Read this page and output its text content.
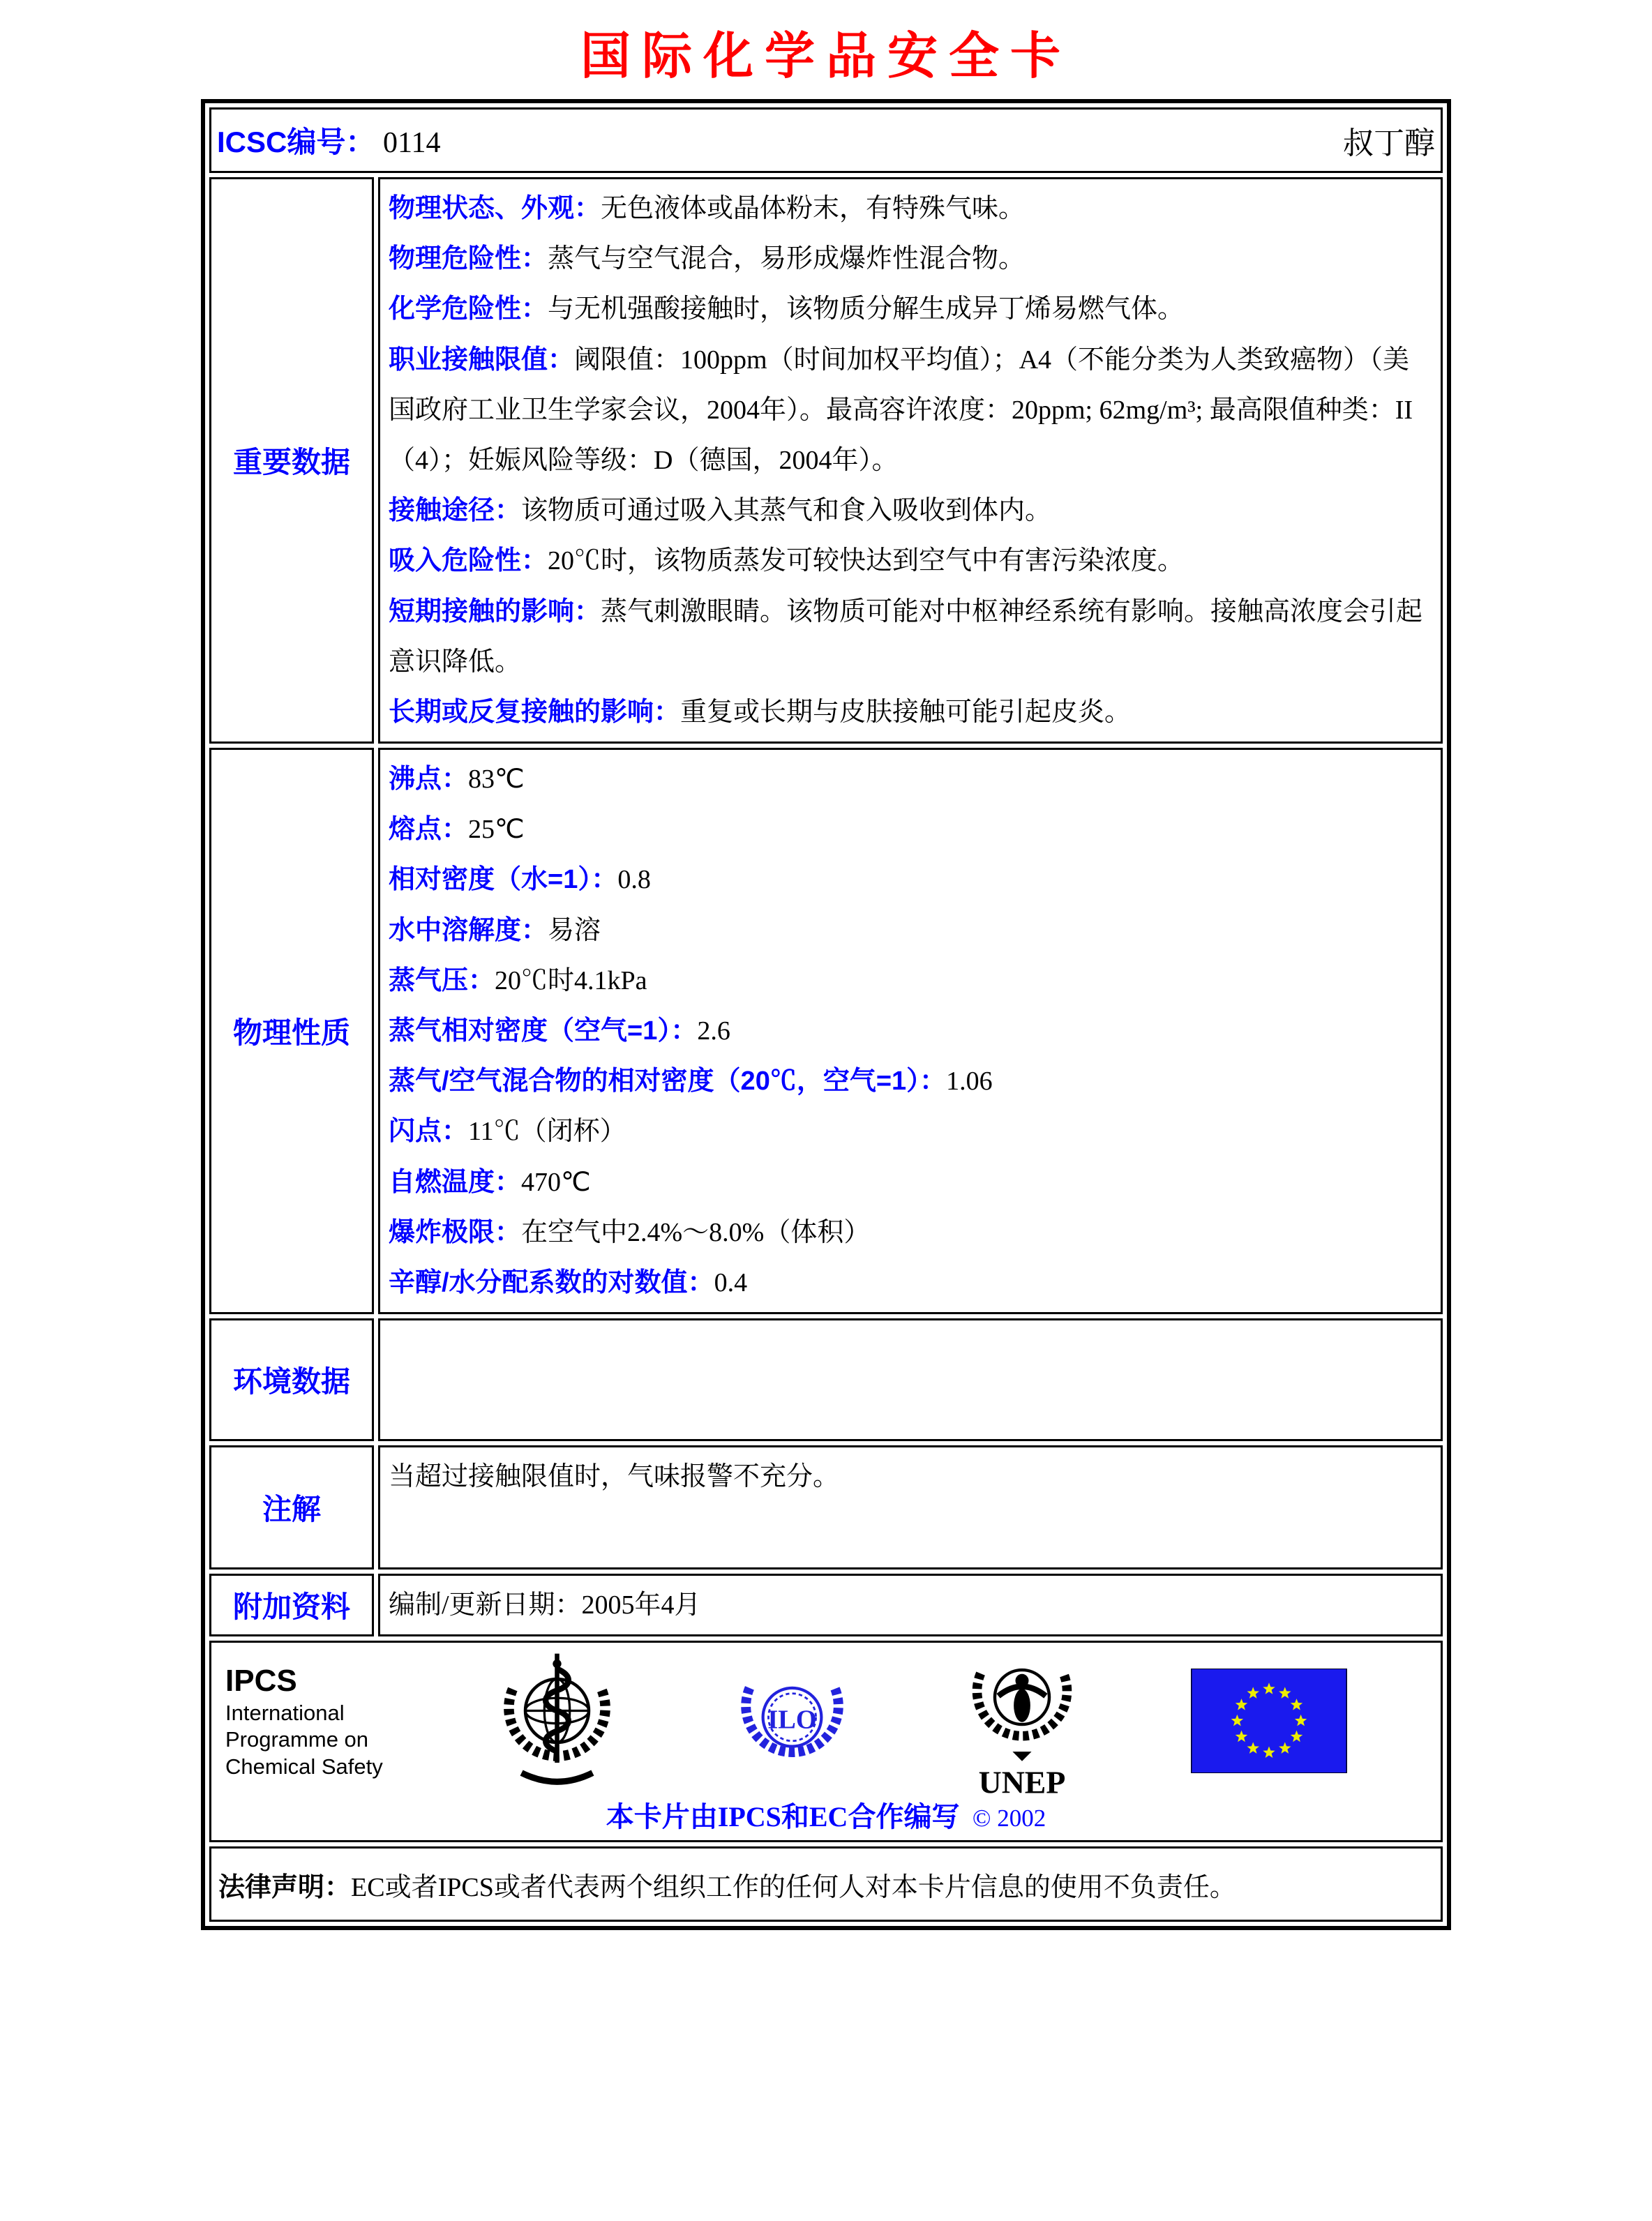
国际化学品安全卡
ICSC编号： 0114 叔丁醇	

重要数据	
物理状态、外观：无色液体或晶体粉末，有特殊气味。
物理危险性：蒸气与空气混合，易形成爆炸性混合物。
化学危险性：与无机强酸接触时，该物质分解生成异丁烯易燃气体。
职业接触限值：阈限值：100ppm（时间加权平均值）；A4（不能分类为人类致癌物）（美国政府工业卫生学家会议，2004年）。最高容许浓度：20ppm; 62mg/m³; 最高限值种类：II（4）；妊娠风险等级：D（德国，2004年）。
接触途径：该物质可通过吸入其蒸气和食入吸收到体内。
吸入危险性：20℃时，该物质蒸发可较快达到空气中有害污染浓度。
短期接触的影响：蒸气刺激眼睛。该物质可能对中枢神经系统有影响。接触高浓度会引起意识降低。
长期或反复接触的影响：重复或长期与皮肤接触可能引起皮炎。

物理性质	
沸点：83℃
熔点：25℃
相对密度（水=1）：0.8
水中溶解度：易溶
蒸气压：20℃时4.1kPa
蒸气相对密度（空气=1）：2.6
蒸气/空气混合物的相对密度（20℃，空气=1）：1.06
闪点：11℃（闭杯）
自燃温度：470℃
爆炸极限：在空气中2.4%～8.0%（体积）
辛醇/水分配系数的对数值：0.4

环境数据	
注解	当超过接触限值时，气味报警不充分。
附加资料	编制/更新日期：2005年4月

IPCS
International
Programme on
Chemical Safety
ILO
UNEP
本卡片由IPCS和EC合作编写 © 2002

法律声明：EC或者IPCS或者代表两个组织工作的任何人对本卡片信息的使用不负责任。	
